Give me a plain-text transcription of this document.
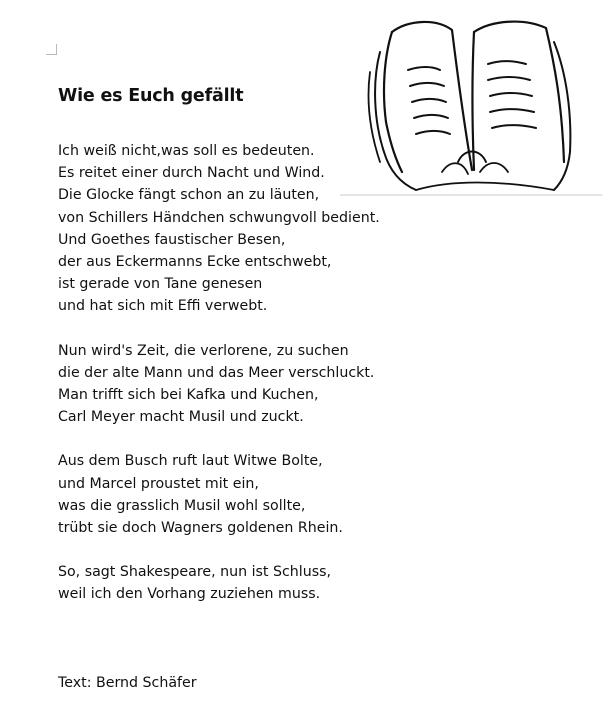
Wie es Euch gefällt
Ich weiß nicht,was soll es bedeuten.
Es reitet einer durch Nacht und Wind.
Die Glocke fängt schon an zu läuten,
von Schillers Händchen schwungvoll bedient.
Und Goethes faustischer Besen,
der aus Eckermanns Ecke entschwebt,
ist gerade von Tane genesen
und hat sich mit Effi verwebt.
Nun wird's Zeit, die verlorene, zu suchen
die der alte Mann und das Meer verschluckt.
Man trifft sich bei Kafka und Kuchen,
Carl Meyer macht Musil und zuckt.
Aus dem Busch ruft laut Witwe Bolte,
und Marcel proustet mit ein,
was die grasslich Musil wohl sollte,
trübt sie doch Wagners goldenen Rhein.
So, sagt Shakespeare, nun ist Schluss,
weil ich den Vorhang zuziehen muss.
Text: Bernd Schäfer
